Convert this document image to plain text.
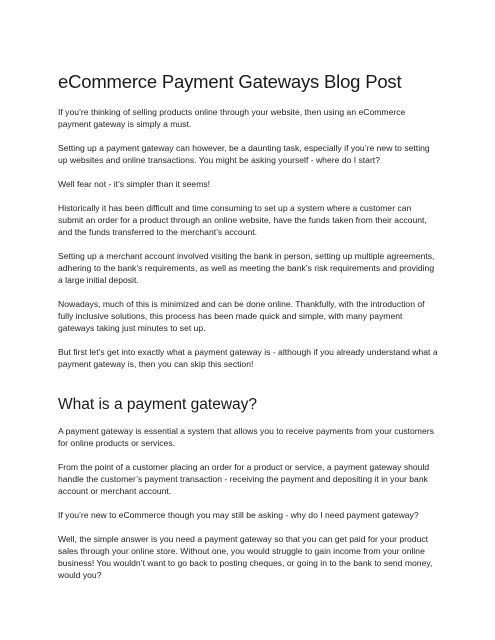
eCommerce Payment Gateways Blog Post

If you’re thinking of selling products online through your website, then using an eCommerce payment gateway is simply a must.

Setting up a payment gateway can however, be a daunting task, especially if you’re new to setting up websites and online transactions. You might be asking yourself - where do I start?

Well fear not - it’s simpler than it seems!

Historically it has been difficult and time consuming to set up a system where a customer can submit an order for a product through an online website, have the funds taken from their account, and the funds transferred to the merchant’s account.

Setting up a merchant account involved visiting the bank in person, setting up multiple agreements, adhering to the bank’s requirements, as well as meeting the bank’s risk requirements and providing a large initial deposit.

Nowadays, much of this is minimized and can be done online. Thankfully, with the introduction of fully inclusive solutions, this process has been made quick and simple, with many payment gateways taking just minutes to set up.

But first let’s get into exactly what a payment gateway is - although if you already understand what a payment gateway is, then you can skip this section!

What is a payment gateway?

A payment gateway is essential a system that allows you to receive payments from your customers for online products or services.

From the point of a customer placing an order for a product or service, a payment gateway should handle the customer’s payment transaction - receiving the payment and depositing it in your bank account or merchant account.

If you’re new to eCommerce though you may still be asking - why do I need payment gateway?

Well, the simple answer is you need a payment gateway so that you can get paid for your product sales through your online store. Without one, you would struggle to gain income from your online business! You wouldn’t want to go back to posting cheques, or going in to the bank to send money, would you?
